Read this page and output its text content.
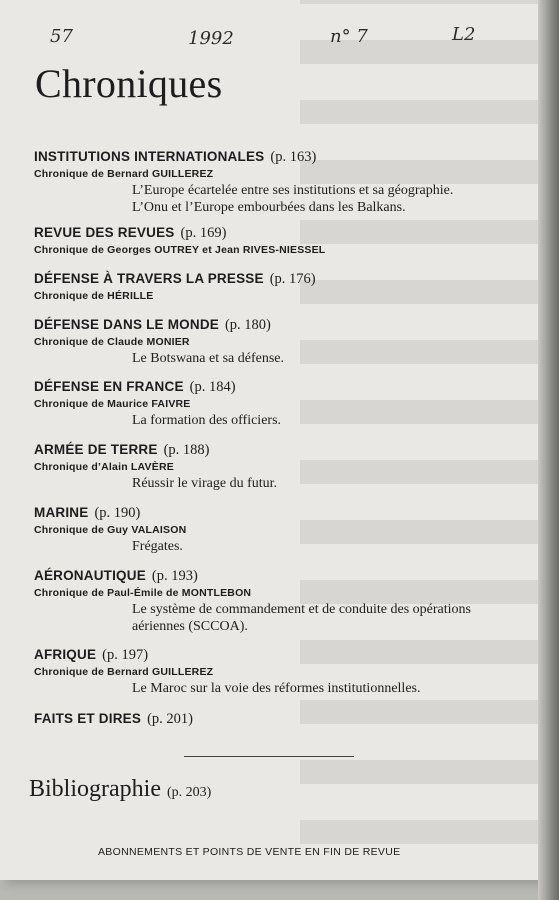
57	1992	n° 7	L2
Chroniques
INSTITUTIONS INTERNATIONALES (p. 163)
Chronique de Bernard GUILLEREZ
L’Europe écartelée entre ses institutions et sa géographie.
L’Onu et l’Europe embourbées dans les Balkans.
REVUE DES REVUES (p. 169)
Chronique de Georges OUTREY et Jean RIVES-NIESSEL
DÉFENSE À TRAVERS LA PRESSE (p. 176)
Chronique de HÉRILLE
DÉFENSE DANS LE MONDE (p. 180)
Chronique de Claude MONIER
Le Botswana et sa défense.
DÉFENSE EN FRANCE (p. 184)
Chronique de Maurice FAIVRE
La formation des officiers.
ARMÉE DE TERRE (p. 188)
Chronique d’Alain LAVÈRE
Réussir le virage du futur.
MARINE (p. 190)
Chronique de Guy VALAISON
Frégates.
AÉRONAUTIQUE (p. 193)
Chronique de Paul-Émile de MONTLEBON
Le système de commandement et de conduite des opérations
aériennes (SCCOA).
AFRIQUE (p. 197)
Chronique de Bernard GUILLEREZ
Le Maroc sur la voie des réformes institutionnelles.
FAITS ET DIRES (p. 201)
Bibliographie (p. 203)
ABONNEMENTS ET POINTS DE VENTE EN FIN DE REVUE
